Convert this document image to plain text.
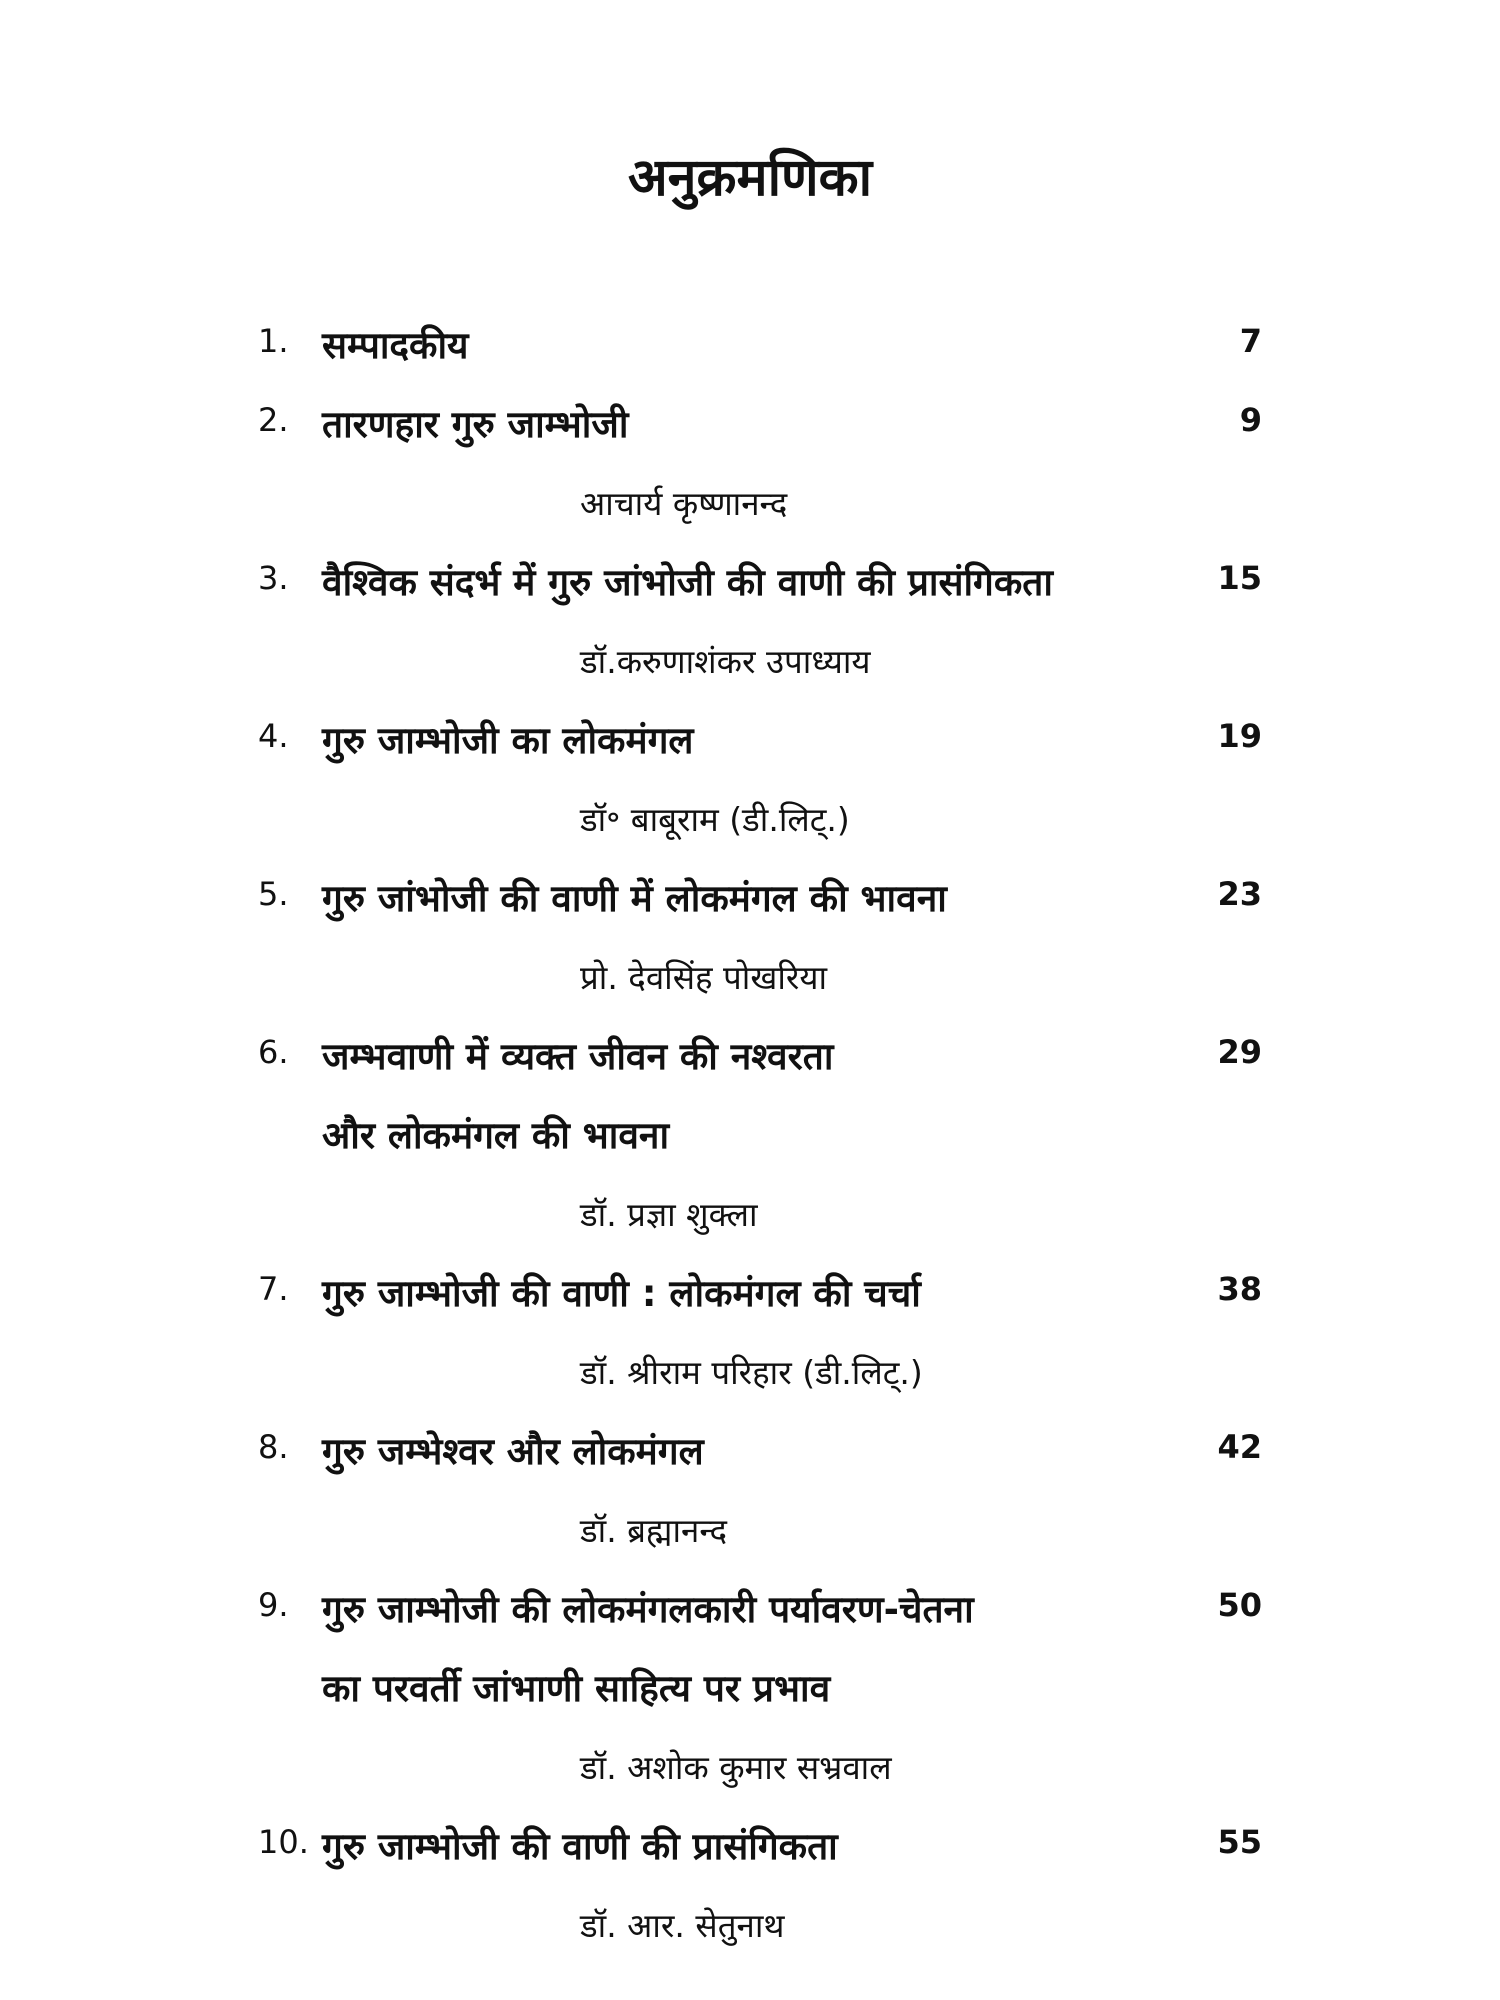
अनुक्रमणिका
1. सम्पादकीय	7
2. तारणहार गुरु जाम्भोजी	9
आचार्य कृष्णानन्द
3. वैश्विक संदर्भ में गुरु जांभोजी की वाणी की प्रासंगिकता	15
डॉ.करुणाशंकर उपाध्याय
4. गुरु जाम्भोजी का लोकमंगल	19
डॉ॰ बाबूराम (डी.लिट्.)
5. गुरु जांभोजी की वाणी में लोकमंगल की भावना	23
प्रो. देवसिंह पोखरिया
6. जम्भवाणी में व्यक्त जीवन की नश्वरता	29
और लोकमंगल की भावना
डॉ. प्रज्ञा शुक्ला
7. गुरु जाम्भोजी की वाणी : लोकमंगल की चर्चा	38
डॉ. श्रीराम परिहार (डी.लिट्.)
8. गुरु जम्भेश्वर और लोकमंगल	42
डॉ. ब्रह्मानन्द
9. गुरु जाम्भोजी की लोकमंगलकारी पर्यावरण-चेतना	50
का परवर्ती जांभाणी साहित्य पर प्रभाव
डॉ. अशोक कुमार सभ्रवाल
10. गुरु जाम्भोजी की वाणी की प्रासंगिकता	55
डॉ. आर. सेतुनाथ
